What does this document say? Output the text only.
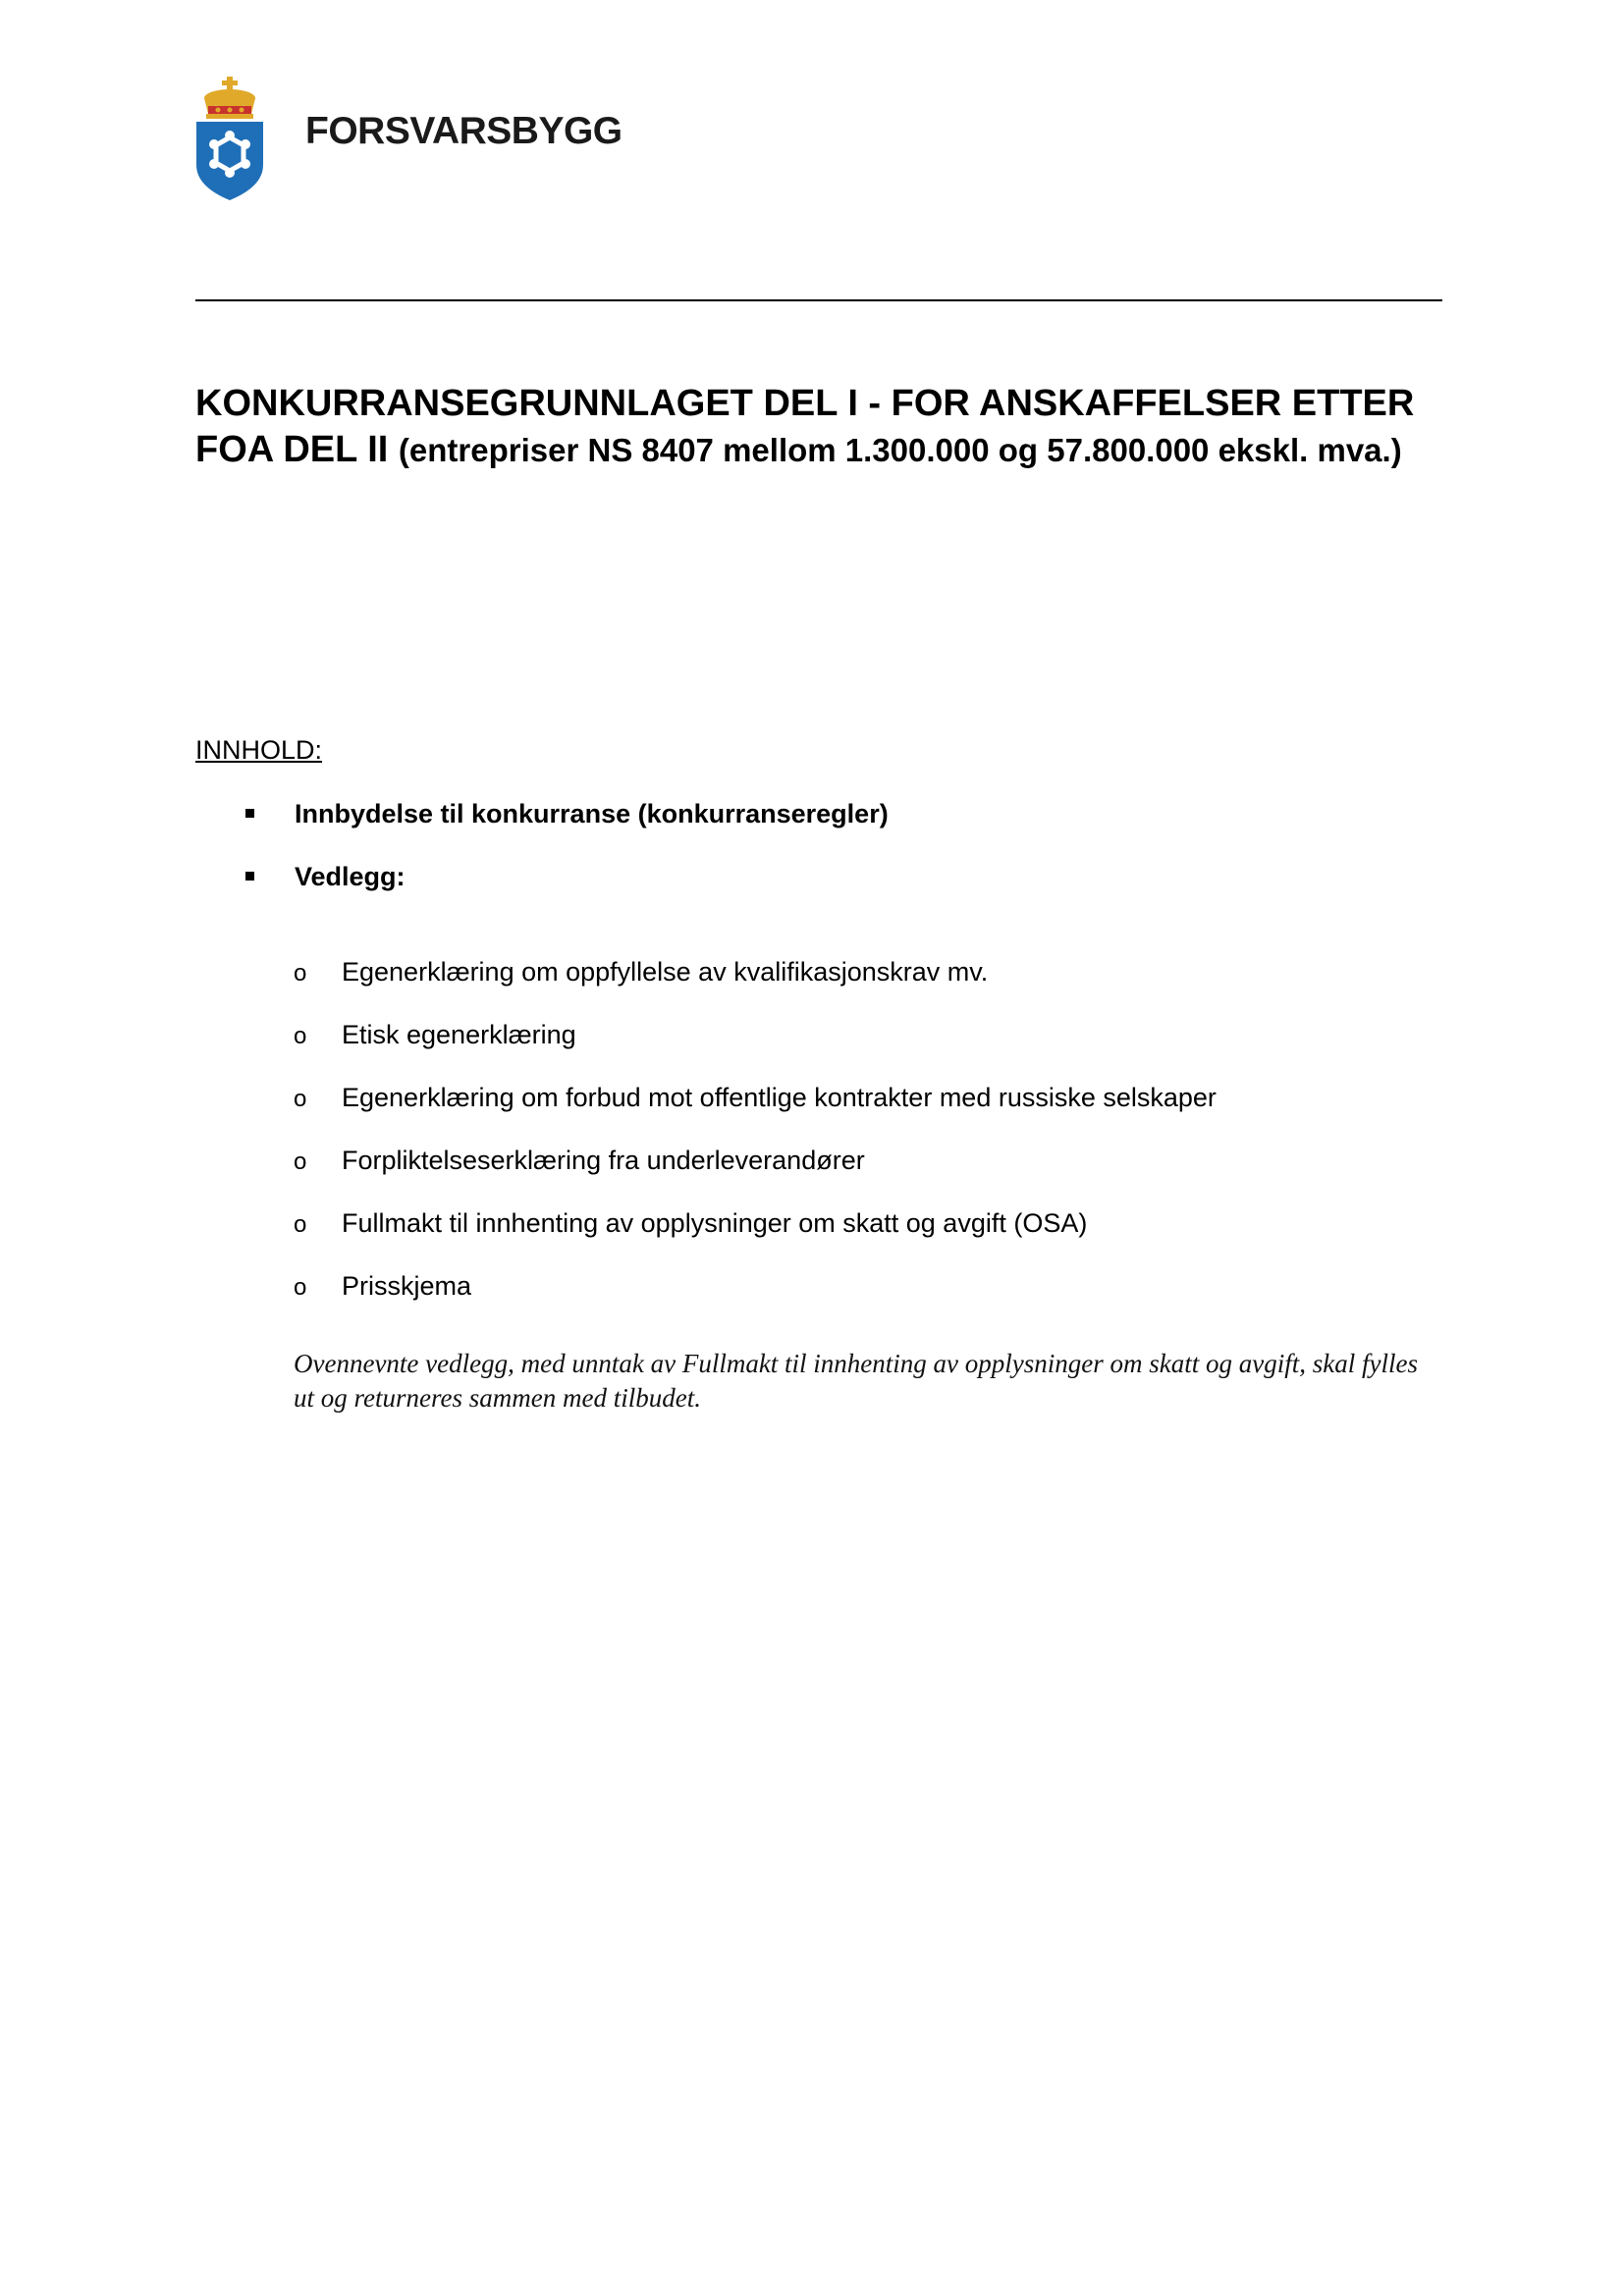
FORSVARSBYGG
KONKURRANSEGRUNNLAGET DEL I - FOR ANSKAFFELSER ETTER FOA DEL II (entrepriser NS 8407 mellom 1.300.000 og 57.800.000 ekskl. mva.)
INNHOLD:
Innbydelse til konkurranse (konkurranseregler)
Vedlegg:
o Egenerklæring om oppfyllelse av kvalifikasjonskrav mv.
o Etisk egenerklæring
o Egenerklæring om forbud mot offentlige kontrakter med russiske selskaper
o Forpliktelseserklæring fra underleverandører
o Fullmakt til innhenting av opplysninger om skatt og avgift (OSA)
o Prisskjema
Ovennevnte vedlegg, med unntak av Fullmakt til innhenting av opplysninger om skatt og avgift, skal fylles ut og returneres sammen med tilbudet.
